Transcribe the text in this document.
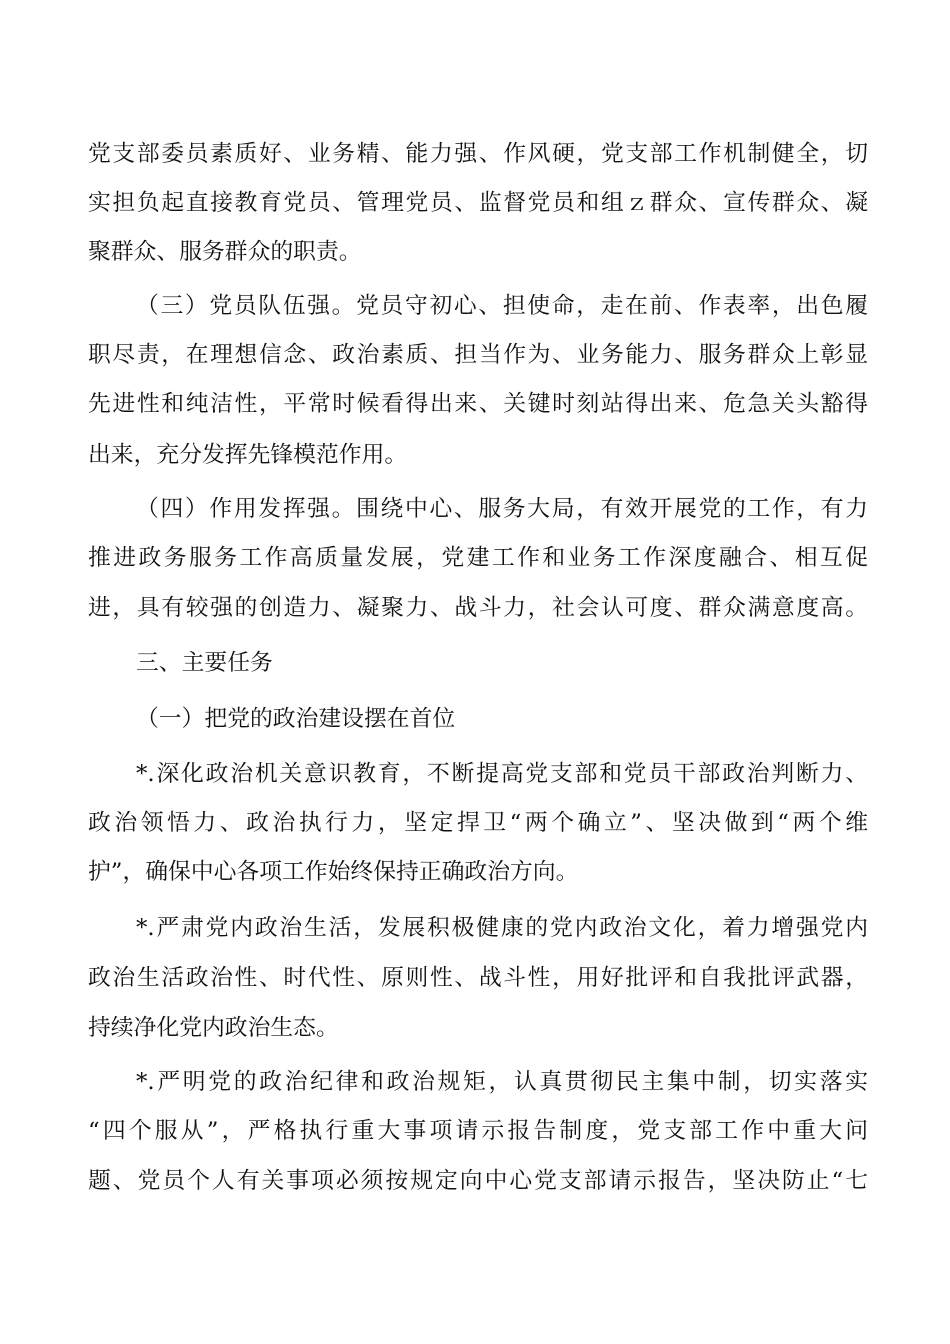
党支部委员素质好、业务精、能力强、作风硬，党支部工作机制健全，切
实担负起直接教育党员、管理党员、监督党员和组ｚ群众、宣传群众、凝
聚群众、服务群众的职责。
（三）党员队伍强。党员守初心、担使命，走在前、作表率，出色履
职尽责，在理想信念、政治素质、担当作为、业务能力、服务群众上彰显
先进性和纯洁性，平常时候看得出来、关键时刻站得出来、危急关头豁得
出来，充分发挥先锋模范作用。
（四）作用发挥强。围绕中心、服务大局，有效开展党的工作，有力
推进政务服务工作高质量发展，党建工作和业务工作深度融合、相互促
进，具有较强的创造力、凝聚力、战斗力，社会认可度、群众满意度高。
三、主要任务
（一）把党的政治建设摆在首位
*.深化政治机关意识教育，不断提高党支部和党员干部政治判断力、
政治领悟力、政治执行力，坚定捍卫“两个确立”、坚决做到“两个维
护”，确保中心各项工作始终保持正确政治方向。
*.严肃党内政治生活，发展积极健康的党内政治文化，着力增强党内
政治生活政治性、时代性、原则性、战斗性，用好批评和自我批评武器，
持续净化党内政治生态。
*.严明党的政治纪律和政治规矩，认真贯彻民主集中制，切实落实
“四个服从”，严格执行重大事项请示报告制度，党支部工作中重大问
题、党员个人有关事项必须按规定向中心党支部请示报告，坚决防止“七
